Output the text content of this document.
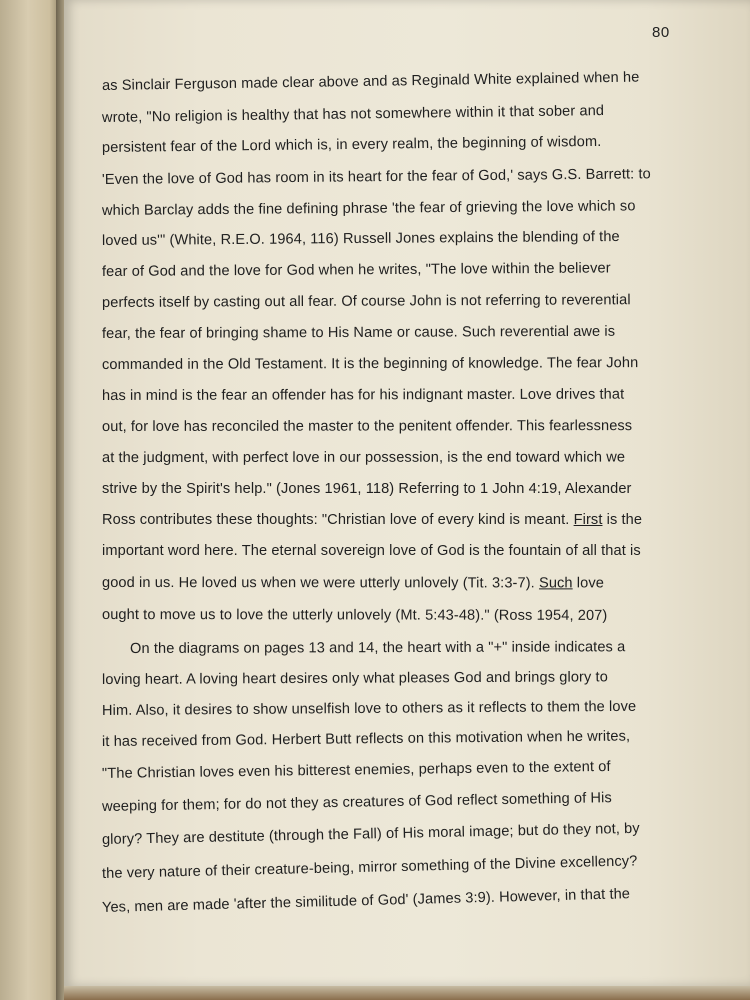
80
as Sinclair Ferguson made clear above and as Reginald White explained when he
wrote, "No religion is healthy that has not somewhere within it that sober and
persistent fear of the Lord which is, in every realm, the beginning of wisdom.
'Even the love of God has room in its heart for the fear of God,' says G.S. Barrett: to
which Barclay adds the fine defining phrase 'the fear of grieving the love which so
loved us'" (White, R.E.O. 1964, 116) Russell Jones explains the blending of the
fear of God and the love for God when he writes, "The love within the believer
perfects itself by casting out all fear. Of course John is not referring to reverential
fear, the fear of bringing shame to His Name or cause. Such reverential awe is
commanded in the Old Testament. It is the beginning of knowledge. The fear John
has in mind is the fear an offender has for his indignant master. Love drives that
out, for love has reconciled the master to the penitent offender. This fearlessness
at the judgment, with perfect love in our possession, is the end toward which we
strive by the Spirit's help." (Jones 1961, 118) Referring to 1 John 4:19, Alexander
Ross contributes these thoughts: "Christian love of every kind is meant. First is the
important word here. The eternal sovereign love of God is the fountain of all that is
good in us. He loved us when we were utterly unlovely (Tit. 3:3-7). Such love
ought to move us to love the utterly unlovely (Mt. 5:43-48)." (Ross 1954, 207)
On the diagrams on pages 13 and 14, the heart with a "+" inside indicates a
loving heart. A loving heart desires only what pleases God and brings glory to
Him. Also, it desires to show unselfish love to others as it reflects to them the love
it has received from God. Herbert Butt reflects on this motivation when he writes,
"The Christian loves even his bitterest enemies, perhaps even to the extent of
weeping for them; for do not they as creatures of God reflect something of His
glory? They are destitute (through the Fall) of His moral image; but do they not, by
the very nature of their creature-being, mirror something of the Divine excellency?
Yes, men are made 'after the similitude of God' (James 3:9). However, in that the
